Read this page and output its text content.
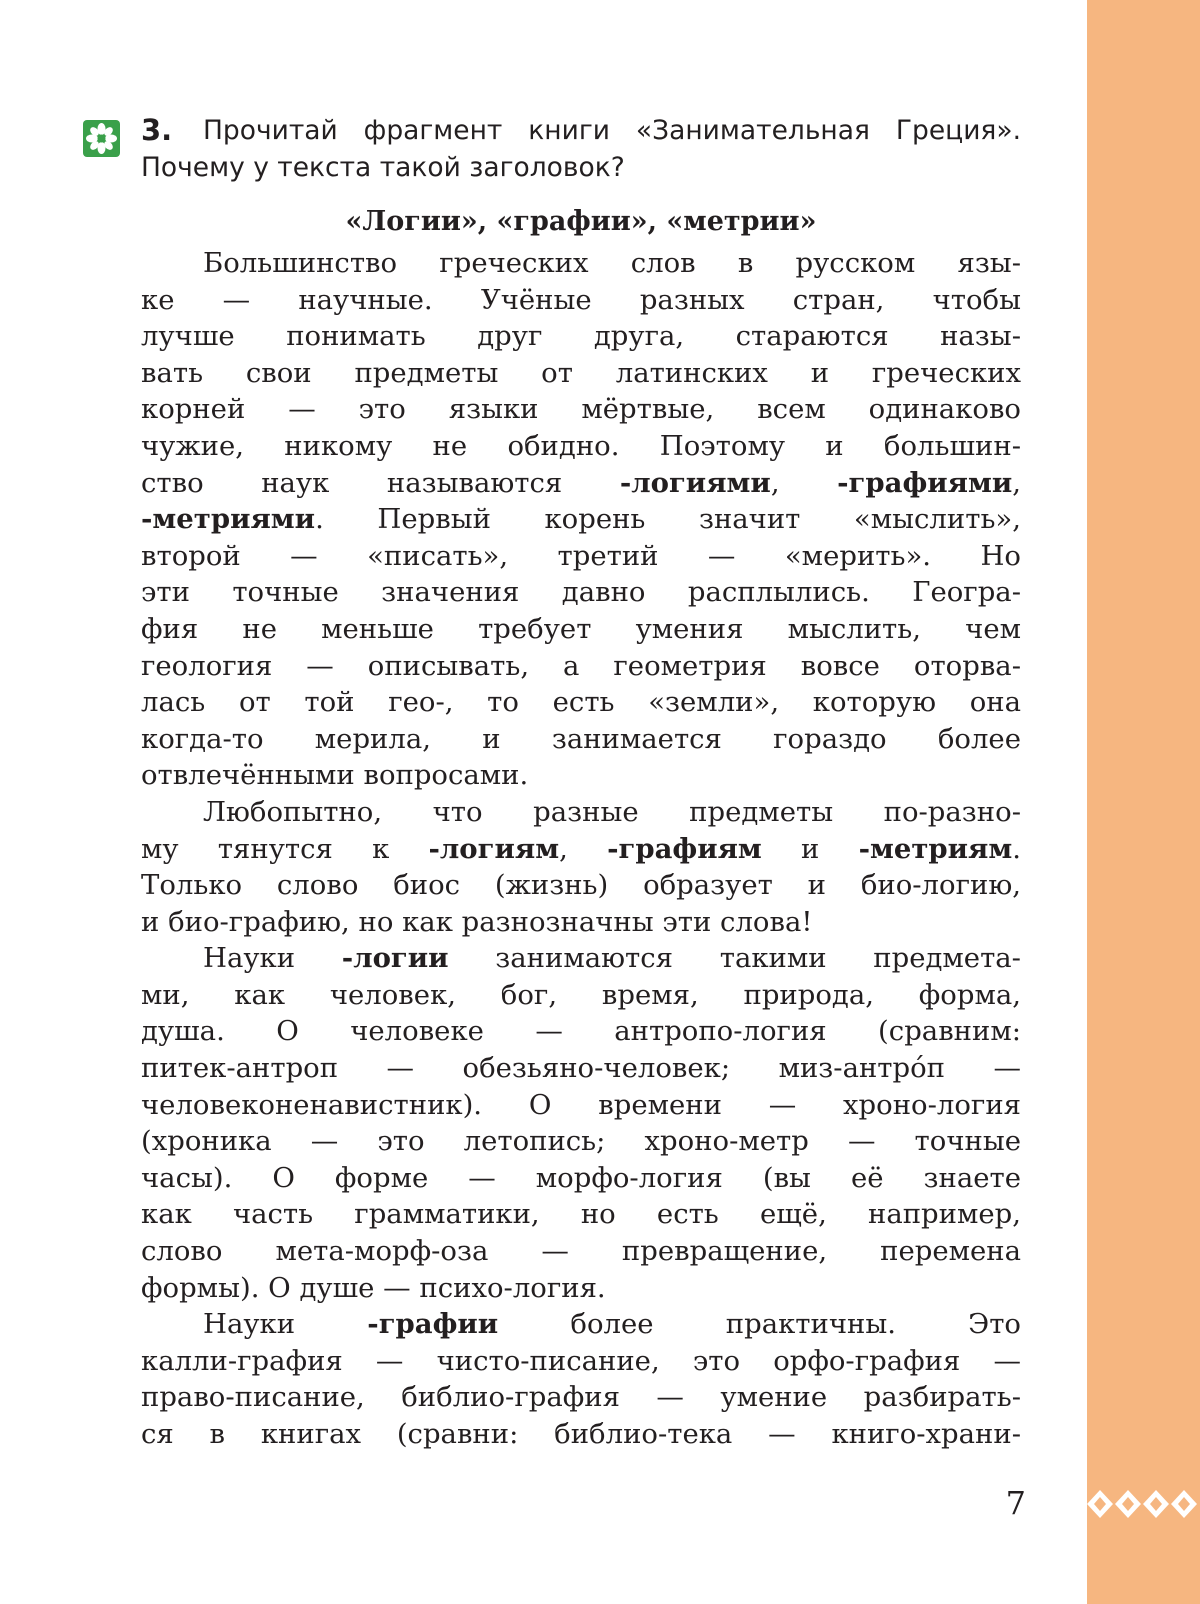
3.	Прочитай фрагмент книги «Занимательная Греция».
Почему у текста такой заголовок?
«Логии», «графии», «метрии»
Большинство греческих слов в русском язы-
ке — научные. Учёные разных стран, чтобы
лучше понимать друг друга, стараются назы-
вать свои предметы от латинских и греческих
корней — это языки мёртвые, всем одинаково
чужие, никому не обидно. Поэтому и большин-
ство наук называются -логиями, -графиями,
-метриями. Первый корень значит «мыслить»,
второй — «писать», третий — «мерить». Но
эти точные значения давно расплылись. Геогра-
фия не меньше требует умения мыслить, чем
геология — описывать, а геометрия вовсе оторва-
лась от той гео-, то есть «земли», которую она
когда-то мерила, и занимается гораздо более
отвлечёнными вопросами.
Любопытно, что разные предметы по-разно-
му тянутся к -логиям, -графиям и -метриям.
Только слово биос (жизнь) образует и био-логию,
и био-графию, но как разнозначны эти слова!
Науки -логии занимаются такими предмета-
ми, как человек, бог, время, природа, форма,
душа. О человеке — антропо-логия (сравним:
питек-антроп — обезьяно-человек; миз-антро́п —
человеконенавистник). О времени — хроно-логия
(хроника — это летопись; хроно-метр — точные
часы). О форме — морфо-логия (вы её знаете
как часть грамматики, но есть ещё, например,
слово мета-морф-оза — превращение, перемена
формы). О душе — психо-логия.
Науки -графии более практичны. Это
калли-графия — чисто-писание, это орфо-графия —
право-писание, библио-графия — умение разбирать-
ся в книгах (сравни: библио-тека — книго-храни-
7
